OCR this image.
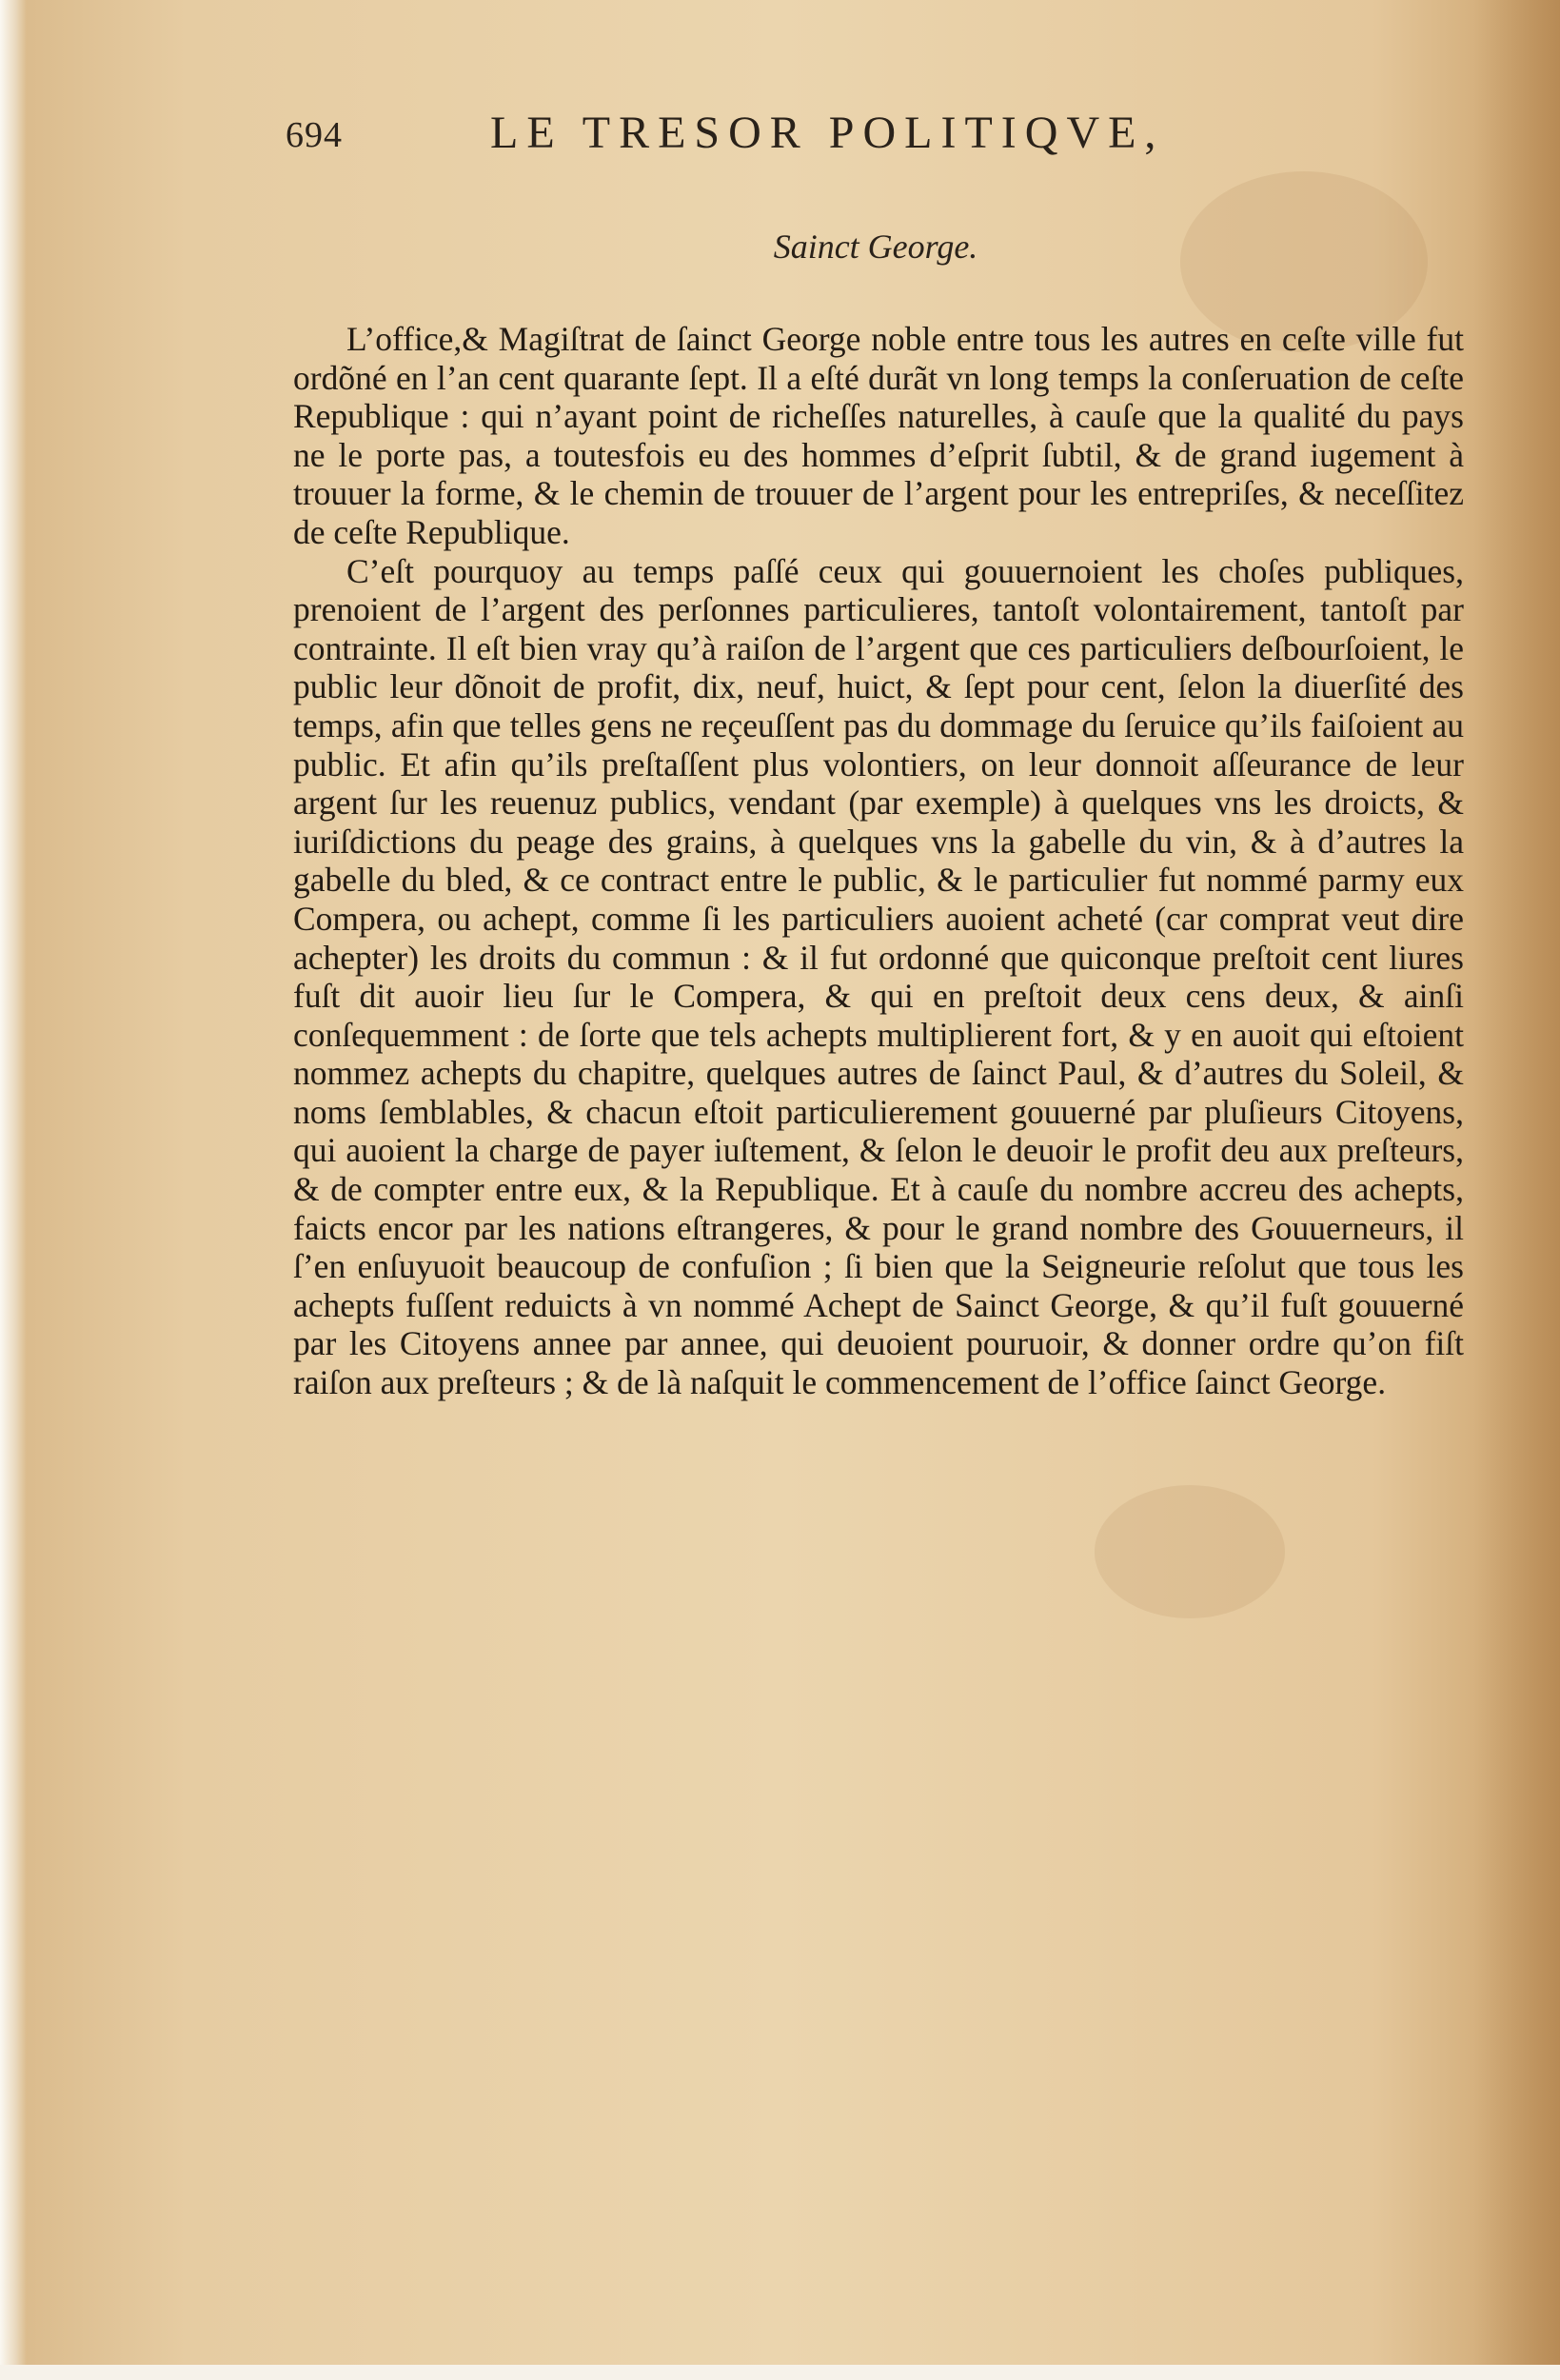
694	LE TRESOR POLITIQVE,
Sainct George.

L’office,& Magiſtrat de ſainct George noble entre tous les autres en ceſte ville fut ordõné en l’an cent quarante ſept. Il a eſté durãt vn long temps la conſeruation de ceſte Republique : qui n’ayant point de richeſſes naturelles, à cauſe que la qualité du pays ne le porte pas, a toutesfois eu des hommes d’eſprit ſubtil, & de grand iugement à trouuer la forme, & le chemin de trouuer de l’argent pour les entrepriſes, & neceſſitez de ceſte Republique.

C’eſt pourquoy au temps paſſé ceux qui gouuernoient les choſes publiques, prenoient de l’argent des perſonnes particulieres, tantoſt volontairement, tantoſt par contrainte. Il eſt bien vray qu’à raiſon de l’argent que ces particuliers deſbourſoient, le public leur dõnoit de profit, dix, neuf, huict, & ſept pour cent, ſelon la diuerſité des temps, afin que telles gens ne reçeuſſent pas du dommage du ſeruice qu’ils faiſoient au public. Et afin qu’ils preſtaſſent plus volontiers, on leur donnoit aſſeurance de leur argent ſur les reuenuz publics, vendant (par exemple) à quelques vns les droicts, & iuriſdictions du peage des grains, à quelques vns la gabelle du vin, & à d’autres la gabelle du bled, & ce contract entre le public, & le particulier fut nommé parmy eux Compera, ou achept, comme ſi les particuliers auoient acheté (car comprat veut dire achepter) les droits du commun : & il fut ordonné que quiconque preſtoit cent liures fuſt dit auoir lieu ſur le Compera, & qui en preſtoit deux cens deux, & ainſi conſequemment : de ſorte que tels achepts multiplierent fort, & y en auoit qui eſtoient nommez achepts du chapitre, quelques autres de ſainct Paul, & d’autres du Soleil, & noms ſemblables, & chacun eſtoit particulierement gouuerné par pluſieurs Citoyens, qui auoient la charge de payer iuſtement, & ſelon le deuoir le profit deu aux preſteurs, & de compter entre eux, & la Republique. Et à cauſe du nombre accreu des achepts, faicts encor par les nations eſtrangeres, & pour le grand nombre des Gouuerneurs, il ſ’en enſuyuoit beaucoup de confuſion ; ſi bien que la Seigneurie reſolut que tous les achepts fuſſent reduicts à vn nommé Achept de Sainct George, & qu’il fuſt gouuerné par les Citoyens annee par annee, qui deuoient pouruoir, & donner ordre qu’on fiſt raiſon aux preſteurs ; & de là naſquit le commencement de l’office ſainct George.
